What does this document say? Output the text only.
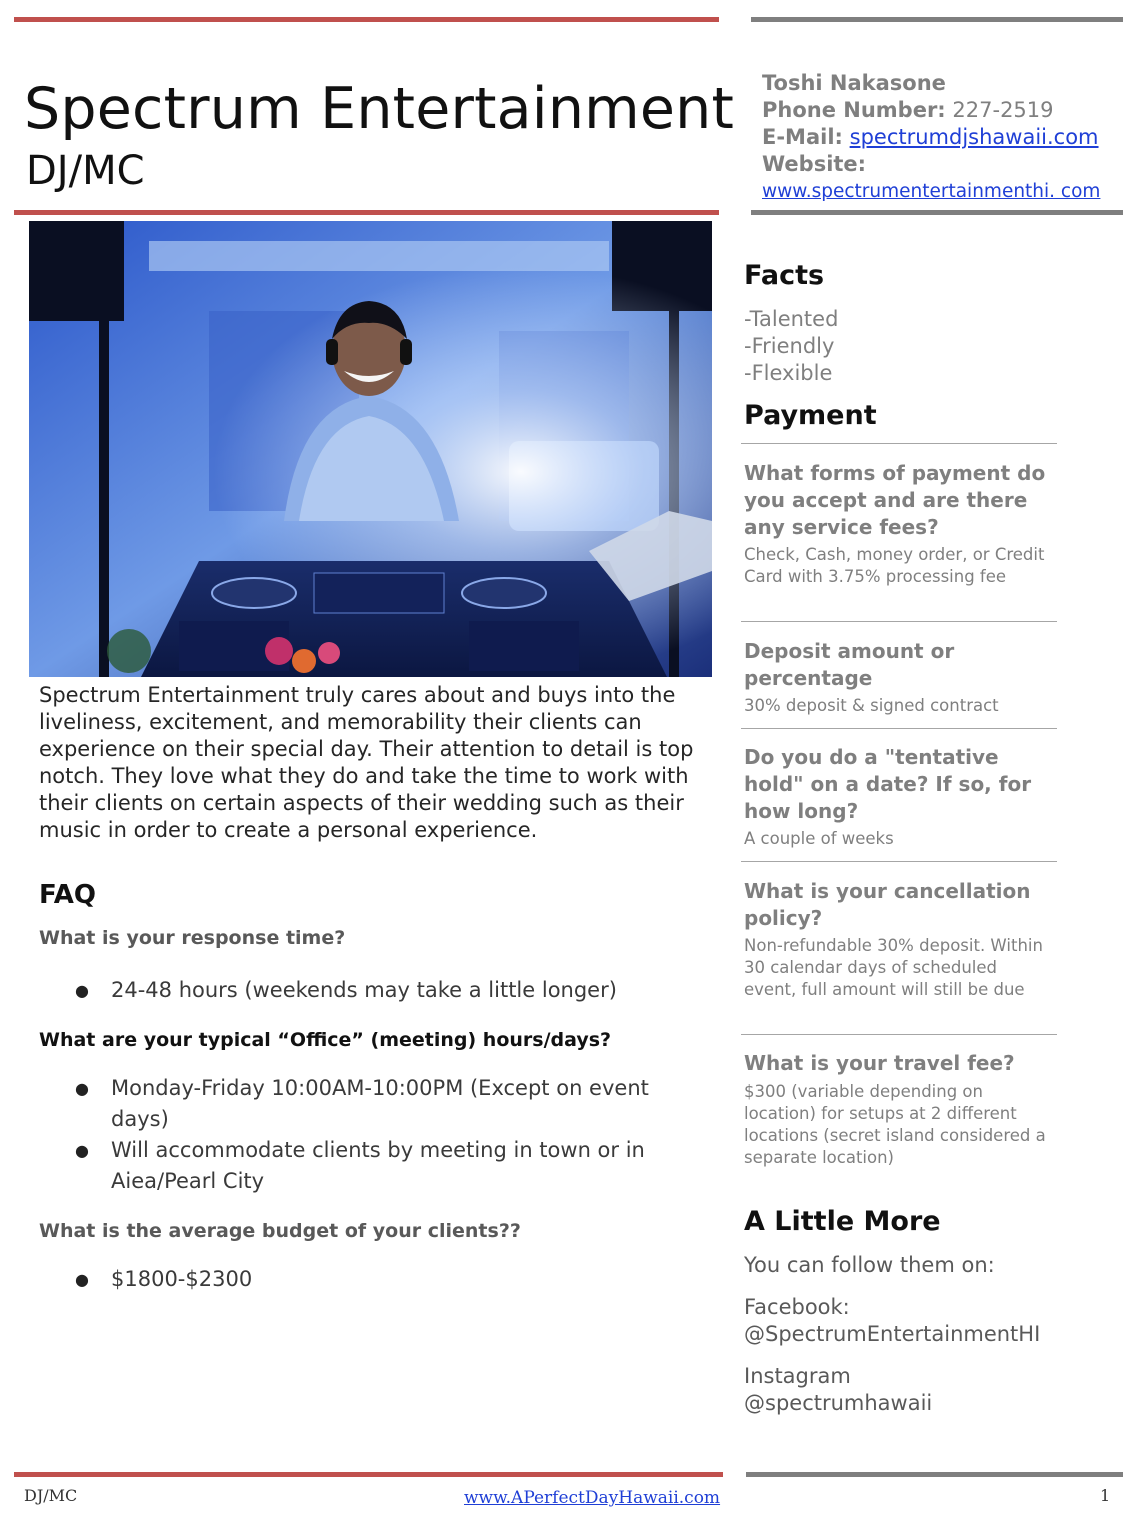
Spectrum Entertainment
DJ/MC
Toshi Nakasone
Phone Number: 227-2519
E-Mail: spectrumdjshawaii.com
Website:
www.spectrumentertainmenthi. com
Spectrum Entertainment truly cares about and buys into the liveliness, excitement, and memorability their clients can experience on their special day. Their attention to detail is top notch. They love what they do and take the time to work with their clients on certain aspects of their wedding such as their music in order to create a personal experience.
FAQ
What is your response time?
● 24-48 hours (weekends may take a little longer)
What are your typical “Office” (meeting) hours/days?
● Monday-Friday 10:00AM-10:00PM (Except on event days)
● Will accommodate clients by meeting in town or in Aiea/Pearl City
What is the average budget of your clients??
● $1800-$2300
Facts
-Talented
-Friendly
-Flexible
Payment
What forms of payment do you accept and are there any service fees?
Check, Cash, money order, or Credit Card with 3.75% processing fee
Deposit amount or percentage
30% deposit & signed contract
Do you do a "tentative hold" on a date? If so, for how long?
A couple of weeks
What is your cancellation policy?
Non-refundable 30% deposit. Within 30 calendar days of scheduled event, full amount will still be due
What is your travel fee?
$300 (variable depending on location) for setups at 2 different locations (secret island considered a separate location)
A Little More
You can follow them on:
Facebook:
@SpectrumEntertainmentHI
Instagram
@spectrumhawaii
DJ/MC	www.APerfectDayHawaii.com	1
